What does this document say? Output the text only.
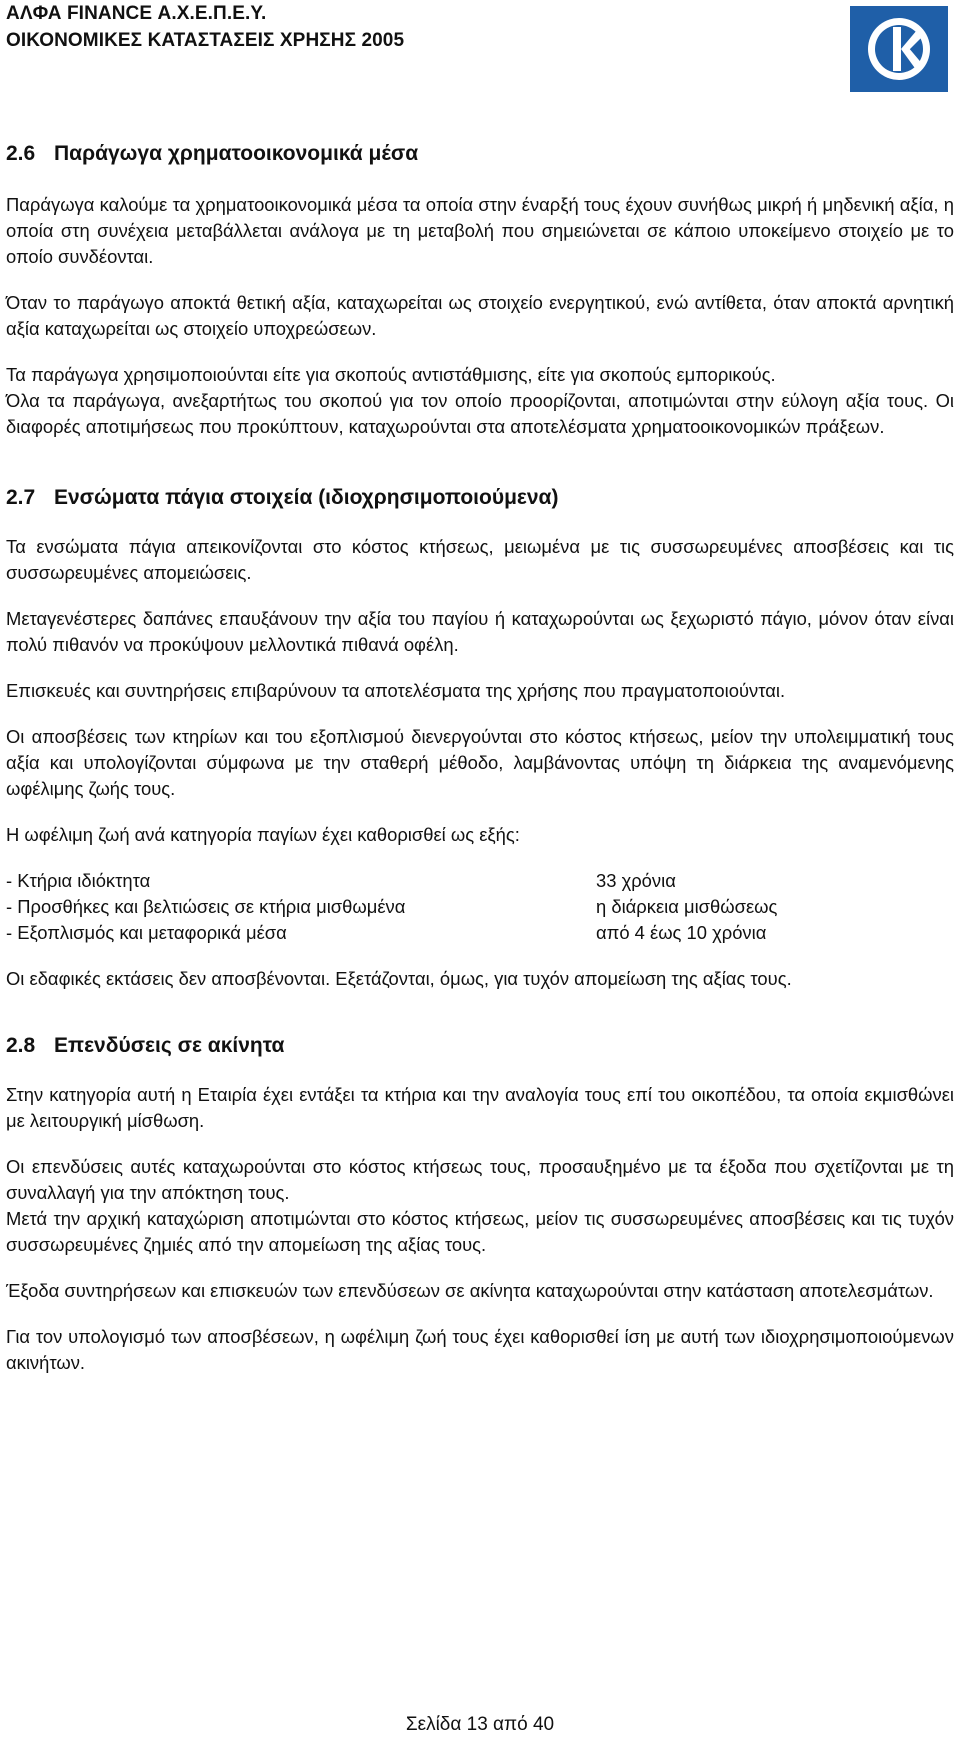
ΑΛΦΑ FINANCE Α.Χ.Ε.Π.Ε.Υ.
ΟΙΚΟΝΟΜΙΚΕΣ ΚΑΤΑΣΤΑΣΕΙΣ ΧΡΗΣΗΣ 2005
2.6 Παράγωγα χρηματοοικονομικά μέσα

Παράγωγα καλούμε τα χρηματοοικονομικά μέσα τα οποία στην έναρξή τους έχουν συνήθως μικρή ή μηδενική αξία, η οποία στη συνέχεια μεταβάλλεται ανάλογα με τη μεταβολή που σημειώνεται σε κάποιο υποκείμενο στοιχείο με το οποίο συνδέονται.

Όταν το παράγωγο αποκτά θετική αξία, καταχωρείται ως στοιχείο ενεργητικού, ενώ αντίθετα, όταν αποκτά αρνητική αξία καταχωρείται ως στοιχείο υποχρεώσεων.

Τα παράγωγα χρησιμοποιούνται είτε για σκοπούς αντιστάθμισης, είτε για σκοπούς εμπορικούς.

Όλα τα παράγωγα, ανεξαρτήτως του σκοπού για τον οποίο προορίζονται, αποτιμώνται στην εύλογη αξία τους. Οι διαφορές αποτιμήσεως που προκύπτουν, καταχωρούνται στα αποτελέσματα χρηματοοικονομικών πράξεων.

2.7 Ενσώματα πάγια στοιχεία (ιδιοχρησιμοποιούμενα)

Τα ενσώματα πάγια απεικονίζονται στο κόστος κτήσεως, μειωμένα με τις συσσωρευμένες αποσβέσεις και τις συσσωρευμένες απομειώσεις.

Μεταγενέστερες δαπάνες επαυξάνουν την αξία του παγίου ή καταχωρούνται ως ξεχωριστό πάγιο, μόνον όταν είναι πολύ πιθανόν να προκύψουν μελλοντικά πιθανά οφέλη.

Επισκευές και συντηρήσεις επιβαρύνουν τα αποτελέσματα της χρήσης που πραγματοποιούνται.

Οι αποσβέσεις των κτηρίων και του εξοπλισμού διενεργούνται στο κόστος κτήσεως, μείον την υπολειμματική τους αξία και υπολογίζονται σύμφωνα με την σταθερή μέθοδο, λαμβάνοντας υπόψη τη διάρκεια της αναμενόμενης ωφέλιμης ζωής τους.

Η ωφέλιμη ζωή ανά κατηγορία παγίων έχει καθορισθεί ως εξής:

- Κτήρια ιδιόκτητα	33 χρόνια
- Προσθήκες και βελτιώσεις σε κτήρια μισθωμένα	η διάρκεια μισθώσεως
- Εξοπλισμός και μεταφορικά μέσα	από 4 έως 10 χρόνια

Οι εδαφικές εκτάσεις δεν αποσβένονται. Εξετάζονται, όμως, για τυχόν απομείωση της αξίας τους.

2.8 Επενδύσεις σε ακίνητα

Στην κατηγορία αυτή η Εταιρία έχει εντάξει τα κτήρια και την αναλογία τους επί του οικοπέδου, τα οποία εκμισθώνει με λειτουργική μίσθωση.

Οι επενδύσεις αυτές καταχωρούνται στο κόστος κτήσεως τους, προσαυξημένο με τα έξοδα που σχετίζονται με τη συναλλαγή για την απόκτηση τους.

Μετά την αρχική καταχώριση αποτιμώνται στο κόστος κτήσεως, μείον τις συσσωρευμένες αποσβέσεις και τις τυχόν συσσωρευμένες ζημιές από την απομείωση της αξίας τους.

Έξοδα συντηρήσεων και επισκευών των επενδύσεων σε ακίνητα καταχωρούνται στην κατάσταση αποτελεσμάτων.

Για τον υπολογισμό των αποσβέσεων, η ωφέλιμη ζωή τους έχει καθορισθεί ίση με αυτή των ιδιοχρησιμοποιούμενων ακινήτων.

Σελίδα 13 από 40
